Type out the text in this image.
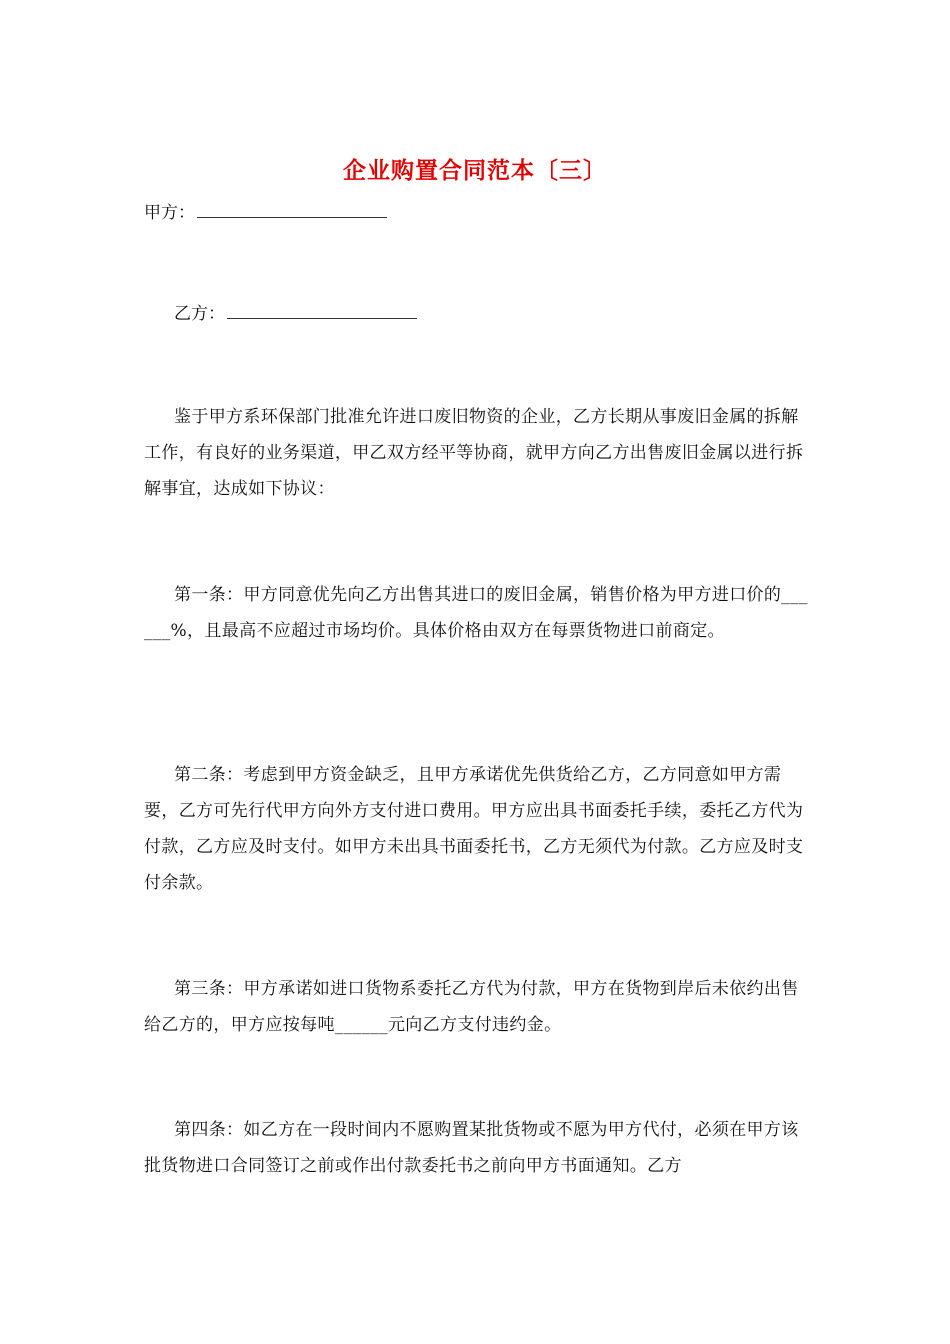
企业购置合同范本〔三〕
甲方：
乙方：
鉴于甲方系环保部门批准允许进口废旧物资的企业，乙方长期从事废旧金属的拆解工作，有良好的业务渠道，甲乙双方经平等协商，就甲方向乙方出售废旧金属以进行拆解事宜，达成如下协议：
第一条：甲方同意优先向乙方出售其进口的废旧金属，销售价格为甲方进口价的______%，且最高不应超过市场均价。具体价格由双方在每票货物进口前商定。
第二条：考虑到甲方资金缺乏，且甲方承诺优先供货给乙方，乙方同意如甲方需要，乙方可先行代甲方向外方支付进口费用。甲方应出具书面委托手续，委托乙方代为付款，乙方应及时支付。如甲方未出具书面委托书，乙方无须代为付款。乙方应及时支付余款。
第三条：甲方承诺如进口货物系委托乙方代为付款，甲方在货物到岸后未依约出售给乙方的，甲方应按每吨______元向乙方支付违约金。
第四条：如乙方在一段时间内不愿购置某批货物或不愿为甲方代付，必须在甲方该批货物进口合同签订之前或作出付款委托书之前向甲方书面通知。乙方
